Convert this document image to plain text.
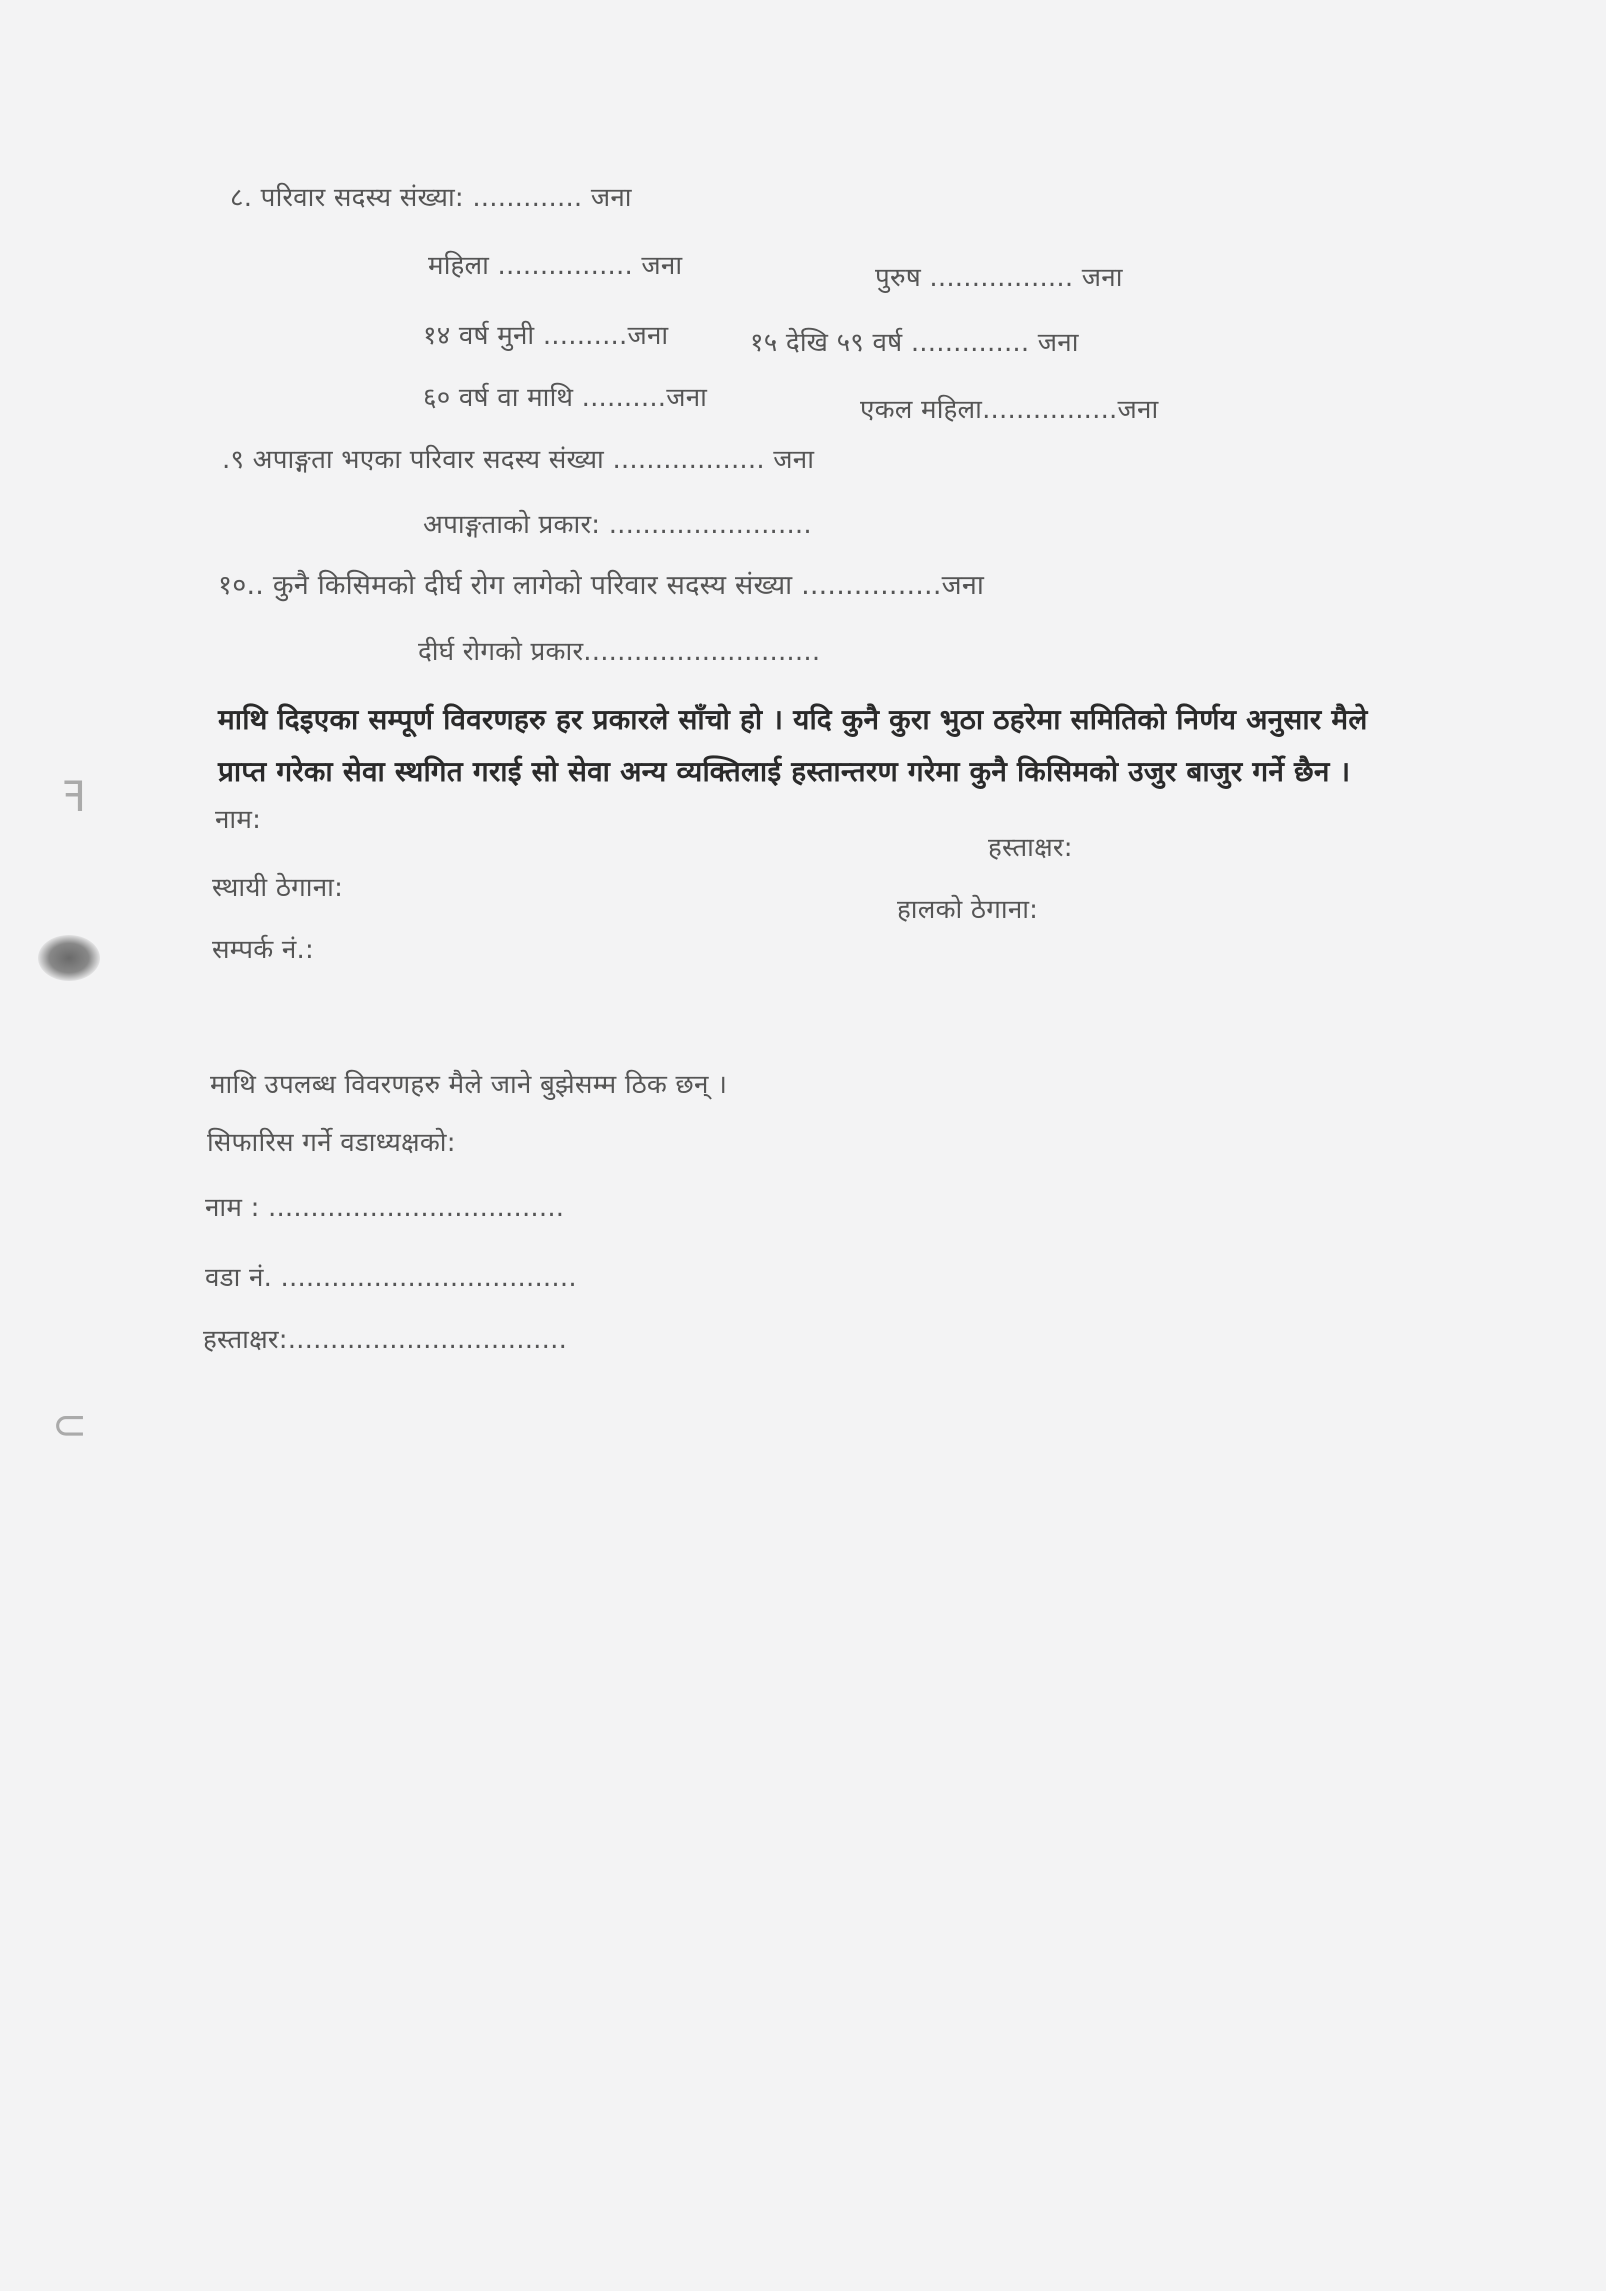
ꟻ
⊂
८. परिवार सदस्य संख्या: ............. जना
महिला ................ जना	पुरुष ................. जना
१४ वर्ष मुनी ..........जना	१५ देखि ५९ वर्ष .............. जना
६० वर्ष वा माथि ..........जना	एकल महिला................जना
.९ अपाङ्गता भएका परिवार सदस्य संख्या .................. जना
अपाङ्गताको प्रकार: ........................
१०.. कुनै किसिमको दीर्घ रोग लागेको परिवार सदस्य संख्या ................जना
दीर्घ रोगको प्रकार............................
माथि दिइएका सम्पूर्ण विवरणहरु हर प्रकारले साँचो हो । यदि कुनै कुरा भुठा ठहरेमा समितिको निर्णय अनुसार मैले
प्राप्त गरेका सेवा स्थगित गराई सो सेवा अन्य व्यक्तिलाई हस्तान्तरण गरेमा कुनै किसिमको उजुर बाजुर गर्ने छैन ।
नाम:
हस्ताक्षर:
स्थायी ठेगाना:
हालको ठेगाना:
सम्पर्क नं.:
माथि उपलब्ध विवरणहरु मैले जाने बुझेसम्म ठिक छन् ।
सिफारिस गर्ने वडाध्यक्षको:
नाम : ...................................
वडा नं. ...................................
हस्ताक्षर:.................................
